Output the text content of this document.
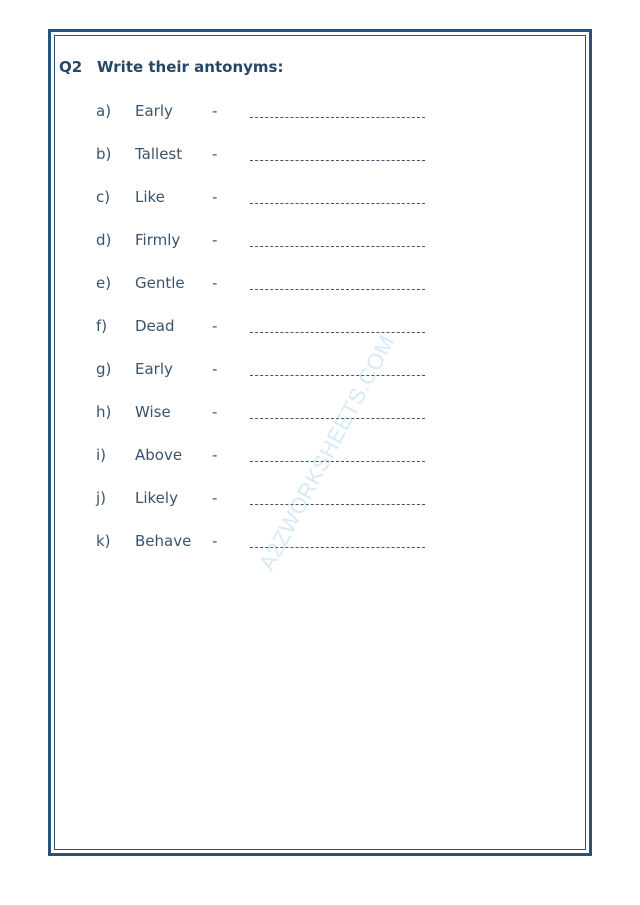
Q2 Write their antonyms:
a) Early	-
b) Tallest -
c) Like	-
d) Firmly -
e) Gentle -
f) Dead	-
g) Early	-
h) Wise	-
i) Above -
j) Likely -
k) Behave - A2ZWORKSHEETS.COM
